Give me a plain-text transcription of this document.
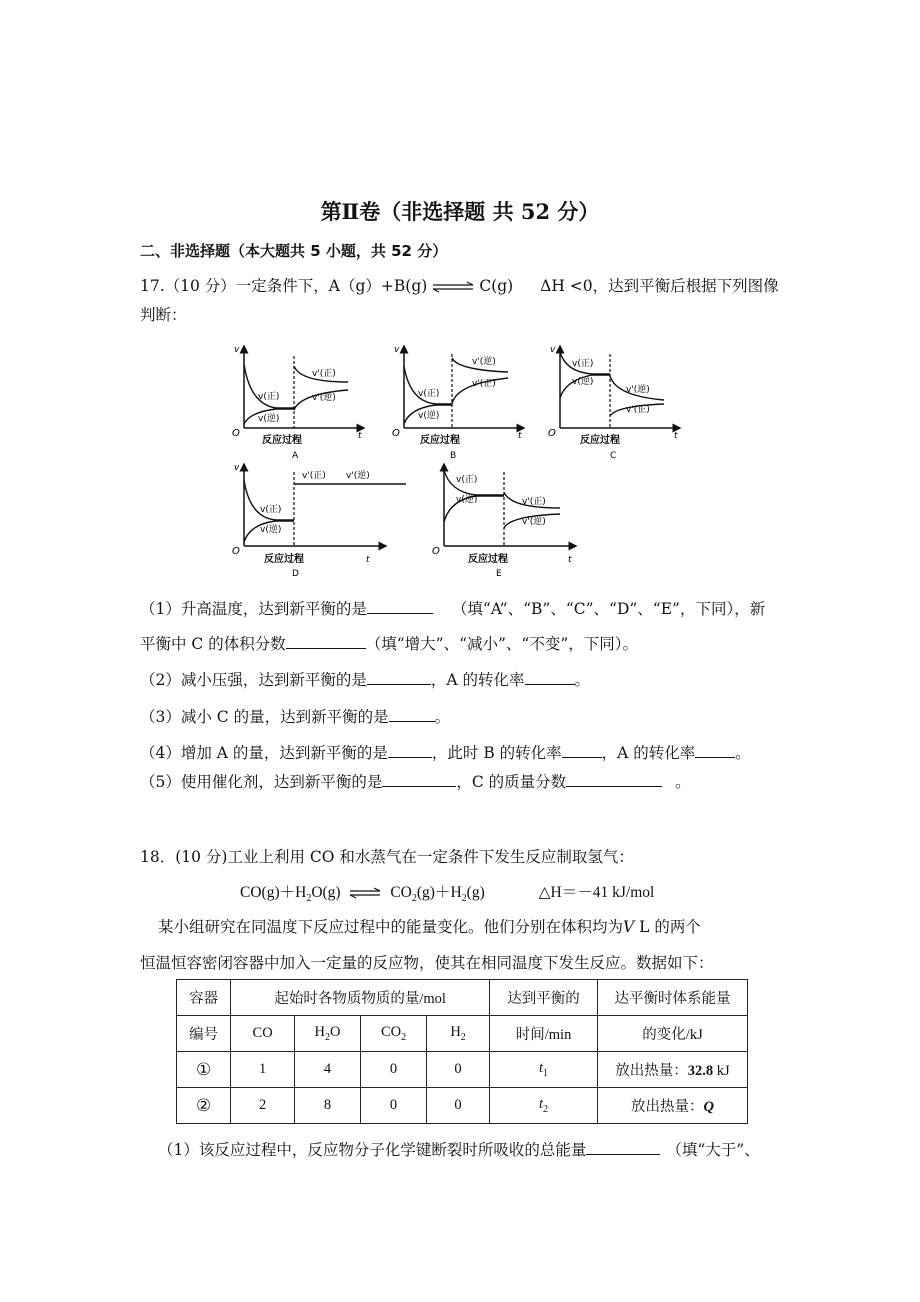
第Ⅱ卷（非选择题 共 52 分）
二、非选择题（本大题共 5 小题，共 52 分）
17.（10 分）一定条件下，A（g）+B(g) ⇌ C(g) ΔH <0，达到平衡后根据下列图像
判断：
v
O	t
v(正)
v(逆)
v'(正)
v'(逆)
反应过程
A
v
O	t
v(正)
v(逆)
v'(逆)
v'(正)
反应过程
B
v
O	t
v(正)
v(逆)
v'(逆)
v'(正)
反应过程
C
v
O
t
v(正)
v(逆)
v'(正) v'(逆)
反应过程
D
O
t
v(正)
v(逆)	v'(正)
v'(逆)
反应过程
E
（1）升高温度，达到新平衡的是	（填“A”、“B”、“C”、“D”、“E”，下同），新
平衡中 C 的体积分数	（填“增大”、“减小”、“不变”，下同）。
（2）减小压强，达到新平衡的是	，A 的转化率	。
（3）减小 C 的量，达到新平衡的是	。
（4）增加 A 的量，达到新平衡的是	，此时 B 的转化率	，A 的转化率	。
（5）使用催化剂，达到新平衡的是	，C 的质量分数	。
18．(10 分)工业上利用 CO 和水蒸气在一定条件下发生反应制取氢气：
$CO(g)+H_2O(g)$ ⇌ $CO_2(g)+H_2(g)$	△H＝－41 kJ/mol
某小组研究在同温度下反应过程中的能量变化。他们分别在体积均为V L 的两个
恒温恒容密闭容器中加入一定量的反应物，使其在相同温度下发生反应。数据如下：
容器	起始时各物质物质的量/mol				达到平衡的	达平衡时体系能量
编号	CO	$H_2O$	$CO_2$	$H_2$	时间/min	的变化/kJ
①	1	4	0	0	$t_1$	放出热量：32.8 kJ
②	2	8	0	0	$t_2$	放出热量：Q
（1）该反应过程中，反应物分子化学键断裂时所吸收的总能量	（填“大于”、
